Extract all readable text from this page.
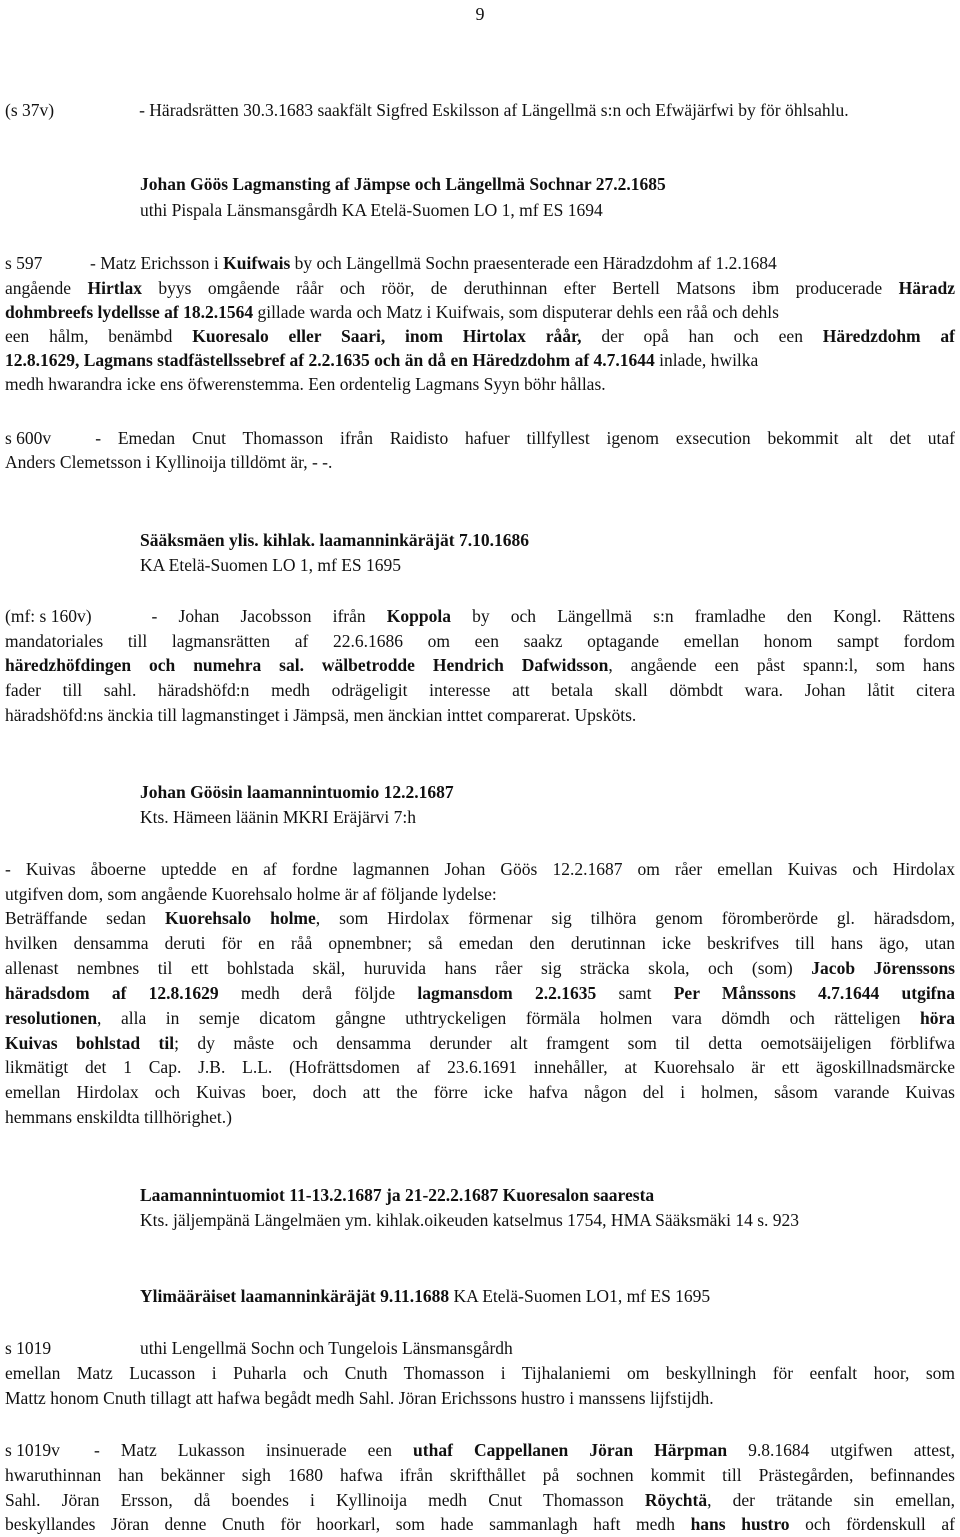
9
(s 37v)	- Häradsrätten 30.3.1683 saakfält Sigfred Eskilsson af Längellmä s:n och Efwäjärfwi by för öhlsahlu.
Johan Göös Lagmansting af Jämpse och Längellmä Sochnar 27.2.1685
uthi Pispala Länsmansgårdh KA Etelä-Suomen LO 1, mf ES 1694
s 597	- Matz Erichsson i Kuifwais by och Längellmä Sochn praesenterade een Häradzdohm af 1.2.1684
angående Hirtlax byys omgående råår och röör, de deruthinnan efter Bertell Matsons ibm producerade Häradz
dohmbreefs lydellsse af 18.2.1564 gillade warda och Matz i Kuifwais, som disputerar dehls een råå och dehls
een hålm, benämbd Kuoresalo eller Saari, inom Hirtolax råår, der opå han och een Häredzdohm af
12.8.1629, Lagmans stadfästellssebref af 2.2.1635 och än då en Häredzdohm af 4.7.1644 inlade, hwilka
medh hwarandra icke ens öfwerenstemma. Een ordentelig Lagmans Syyn böhr hållas.
s 600v	- Emedan Cnut Thomasson ifrån Raidisto hafuer tillfyllest igenom exsecution bekommit alt det utaf
Anders Clemetsson i Kyllinoija tilldömt är, - -.
Sääksmäen ylis. kihlak. laamanninkäräjät 7.10.1686
KA Etelä-Suomen LO 1, mf ES 1695
(mf: s 160v)	- Johan Jacobsson ifrån Koppola by och Längellmä s:n framladhe den Kongl. Rättens
mandatoriales till lagmansrätten af 22.6.1686 om een saakz optagande emellan honom sampt fordom
häredzhöfdingen och numehra sal. wälbetrodde Hendrich Dafwidsson, angående een påst spann:l, som hans
fader till sahl. häradshöfd:n medh odrägeligit interesse att betala skall dömbdt wara. Johan låtit citera
häradshöfd:ns änckia till lagmanstinget i Jämpsä, men änckian inttet comparerat. Upsköts.
Johan Göösin laamannintuomio 12.2.1687
Kts. Hämeen läänin MKRI Eräjärvi 7:h
- Kuivas åboerne uptedde en af fordne lagmannen Johan Göös 12.2.1687 om råer emellan Kuivas och Hirdolax
utgifven dom, som angående Kuorehsalo holme är af följande lydelse:
Beträffande sedan Kuorehsalo holme, som Hirdolax förmenar sig tilhöra genom föromberörde gl. häradsdom,
hvilken densamma deruti för en råå opnembner; så emedan den derutinnan icke beskrifves till hans ägo, utan
allenast nembnes til ett bohlstada skäl, huruvida hans råer sig sträcka skola, och (som) Jacob Jörenssons
häradsdom af 12.8.1629 medh derå följde lagmansdom 2.2.1635 samt Per Månssons 4.7.1644 utgifna
resolutionen, alla in semje dicatom gångne uthtryckeligen förmäla holmen vara dömdh och rätteligen höra
Kuivas bohlstad til; dy måste och densamma derunder alt framgent som til detta oemotsäijeligen förblifwa
likmätigt det 1 Cap. J.B. L.L. (Hofrättsdomen af 23.6.1691 innehåller, at Kuorehsalo är ett ägoskillnadsmärcke
emellan Hirdolax och Kuivas boer, doch att the förre icke hafva någon del i holmen, såsom varande Kuivas
hemmans enskildta tillhörighet.)
Laamannintuomiot 11-13.2.1687 ja 21-22.2.1687 Kuoresalon saaresta
Kts. jäljempänä Längelmäen ym. kihlak.oikeuden katselmus 1754, HMA Sääksmäki 14 s. 923
Ylimääräiset laamanninkäräjät 9.11.1688 KA Etelä-Suomen LO1, mf ES 1695
s 1019	uthi Lengellmä Sochn och Tungelois Länsmansgårdh
emellan Matz Lucasson i Puharla och Cnuth Thomasson i Tijhalaniemi om beskyllningh för eenfalt hoor, som
Mattz honom Cnuth tillagt att hafwa begådt medh Sahl. Jöran Erichssons hustro i manssens lijfstijdh.
s 1019v - Matz Lukasson insinuerade een uthaf Cappellanen Jöran Härpman 9.8.1684 utgifwen attest,
hwaruthinnan han bekänner sigh 1680 hafwa ifrån skrifthållet på sochnen kommit till Prästegården, befinnandes
Sahl. Jöran Ersson, då boendes i Kyllinoija medh Cnut Thomasson Röychtä, der trätande sin emellan,
beskyllandes Jöran denne Cnuth för hoorkarl, som hade sammanlagh haft medh hans hustro och fördenskull af
